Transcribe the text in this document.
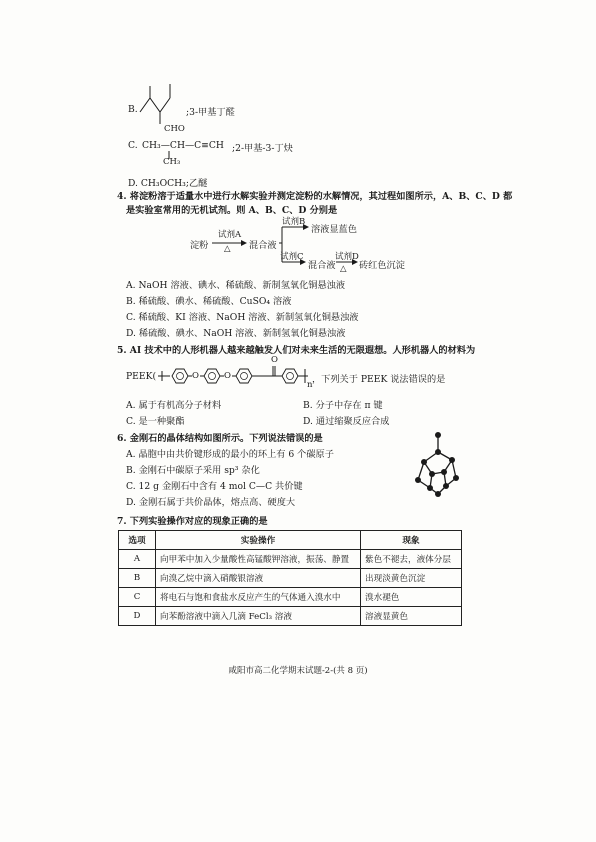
B.	;3-甲基丁醛
CHO
C. CH₃—CH—C≡CH ;2-甲基-3-丁炔
CH₃
D. CH₃OCH₃;乙醚
4. 将淀粉溶于适量水中进行水解实验并测定淀粉的水解情况，其过程如图所示，A、B、C、D 都
是实验室常用的无机试剂。则 A、B、C、D 分别是
淀粉
试剂A
△ 混合液
试剂B
溶液显蓝色
试剂C
混合液
试剂D
△ 砖红色沉淀
A. NaOH 溶液、碘水、稀硫酸、新制氢氧化铜悬浊液
B. 稀硫酸、碘水、稀硫酸、CuSO₄ 溶液
C. 稀硫酸、KI 溶液、NaOH 溶液、新制氢氧化铜悬浊液
D. 稀硫酸、碘水、NaOH 溶液、新制氢氧化铜悬浊液
5. AI 技术中的人形机器人越来越触发人们对未来生活的无限遐想。人形机器人的材料为
PEEK(	O	O
O
n ，下列关于 PEEK 说法错误的是
A. 属于有机高分子材料	B. 分子中存在 π 键
C. 是一种聚酯	D. 通过缩聚反应合成
6. 金刚石的晶体结构如图所示。下列说法错误的是
A. 晶胞中由共价键形成的最小的环上有 6 个碳原子
B. 金刚石中碳原子采用 sp³ 杂化
C. 12 g 金刚石中含有 4 mol C—C 共价键
D. 金刚石属于共价晶体，熔点高、硬度大
7. 下列实验操作对应的现象正确的是
选项	实验操作	现象
A	向甲苯中加入少量酸性高锰酸钾溶液，振荡、静置	紫色不褪去，液体分层
B	向溴乙烷中滴入硝酸银溶液	出现淡黄色沉淀
C	将电石与饱和食盐水反应产生的气体通入溴水中	溴水褪色
D	向苯酚溶液中滴入几滴 FeCl₃ 溶液	溶液显黄色
咸阳市高二化学期末试题-2-(共 8 页)
